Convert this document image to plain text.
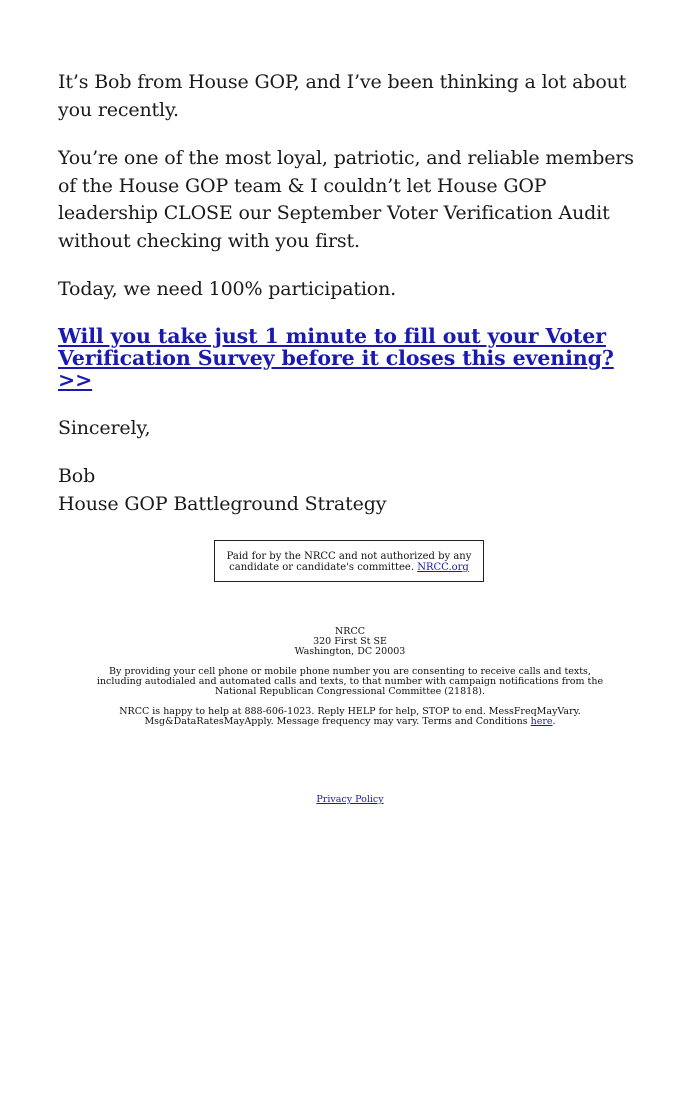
It’s Bob from House GOP, and I’ve been thinking a lot about you recently.

You’re one of the most loyal, patriotic, and reliable members of the House GOP team & I couldn’t let House GOP leadership CLOSE our September Voter Verification Audit without checking with you first.

Today, we need 100% participation.

Will you take just 1 minute to fill out your Voter Verification Survey before it closes this evening? >>

Sincerely,

Bob
House GOP Battleground Strategy

Paid for by the NRCC and not authorized by any candidate or candidate's committee. NRCC.org
NRCC
320 First St SE
Washington, DC 20003
By providing your cell phone or mobile phone number you are consenting to receive calls and texts, including autodialed and automated calls and texts, to that number with campaign notifications from the National Republican Congressional Committee (21818).
NRCC is happy to help at 888-606-1023. Reply HELP for help, STOP to end. MessFreqMayVary. Msg&DataRatesMayApply. Message frequency may vary. Terms and Conditions here.
Privacy Policy
